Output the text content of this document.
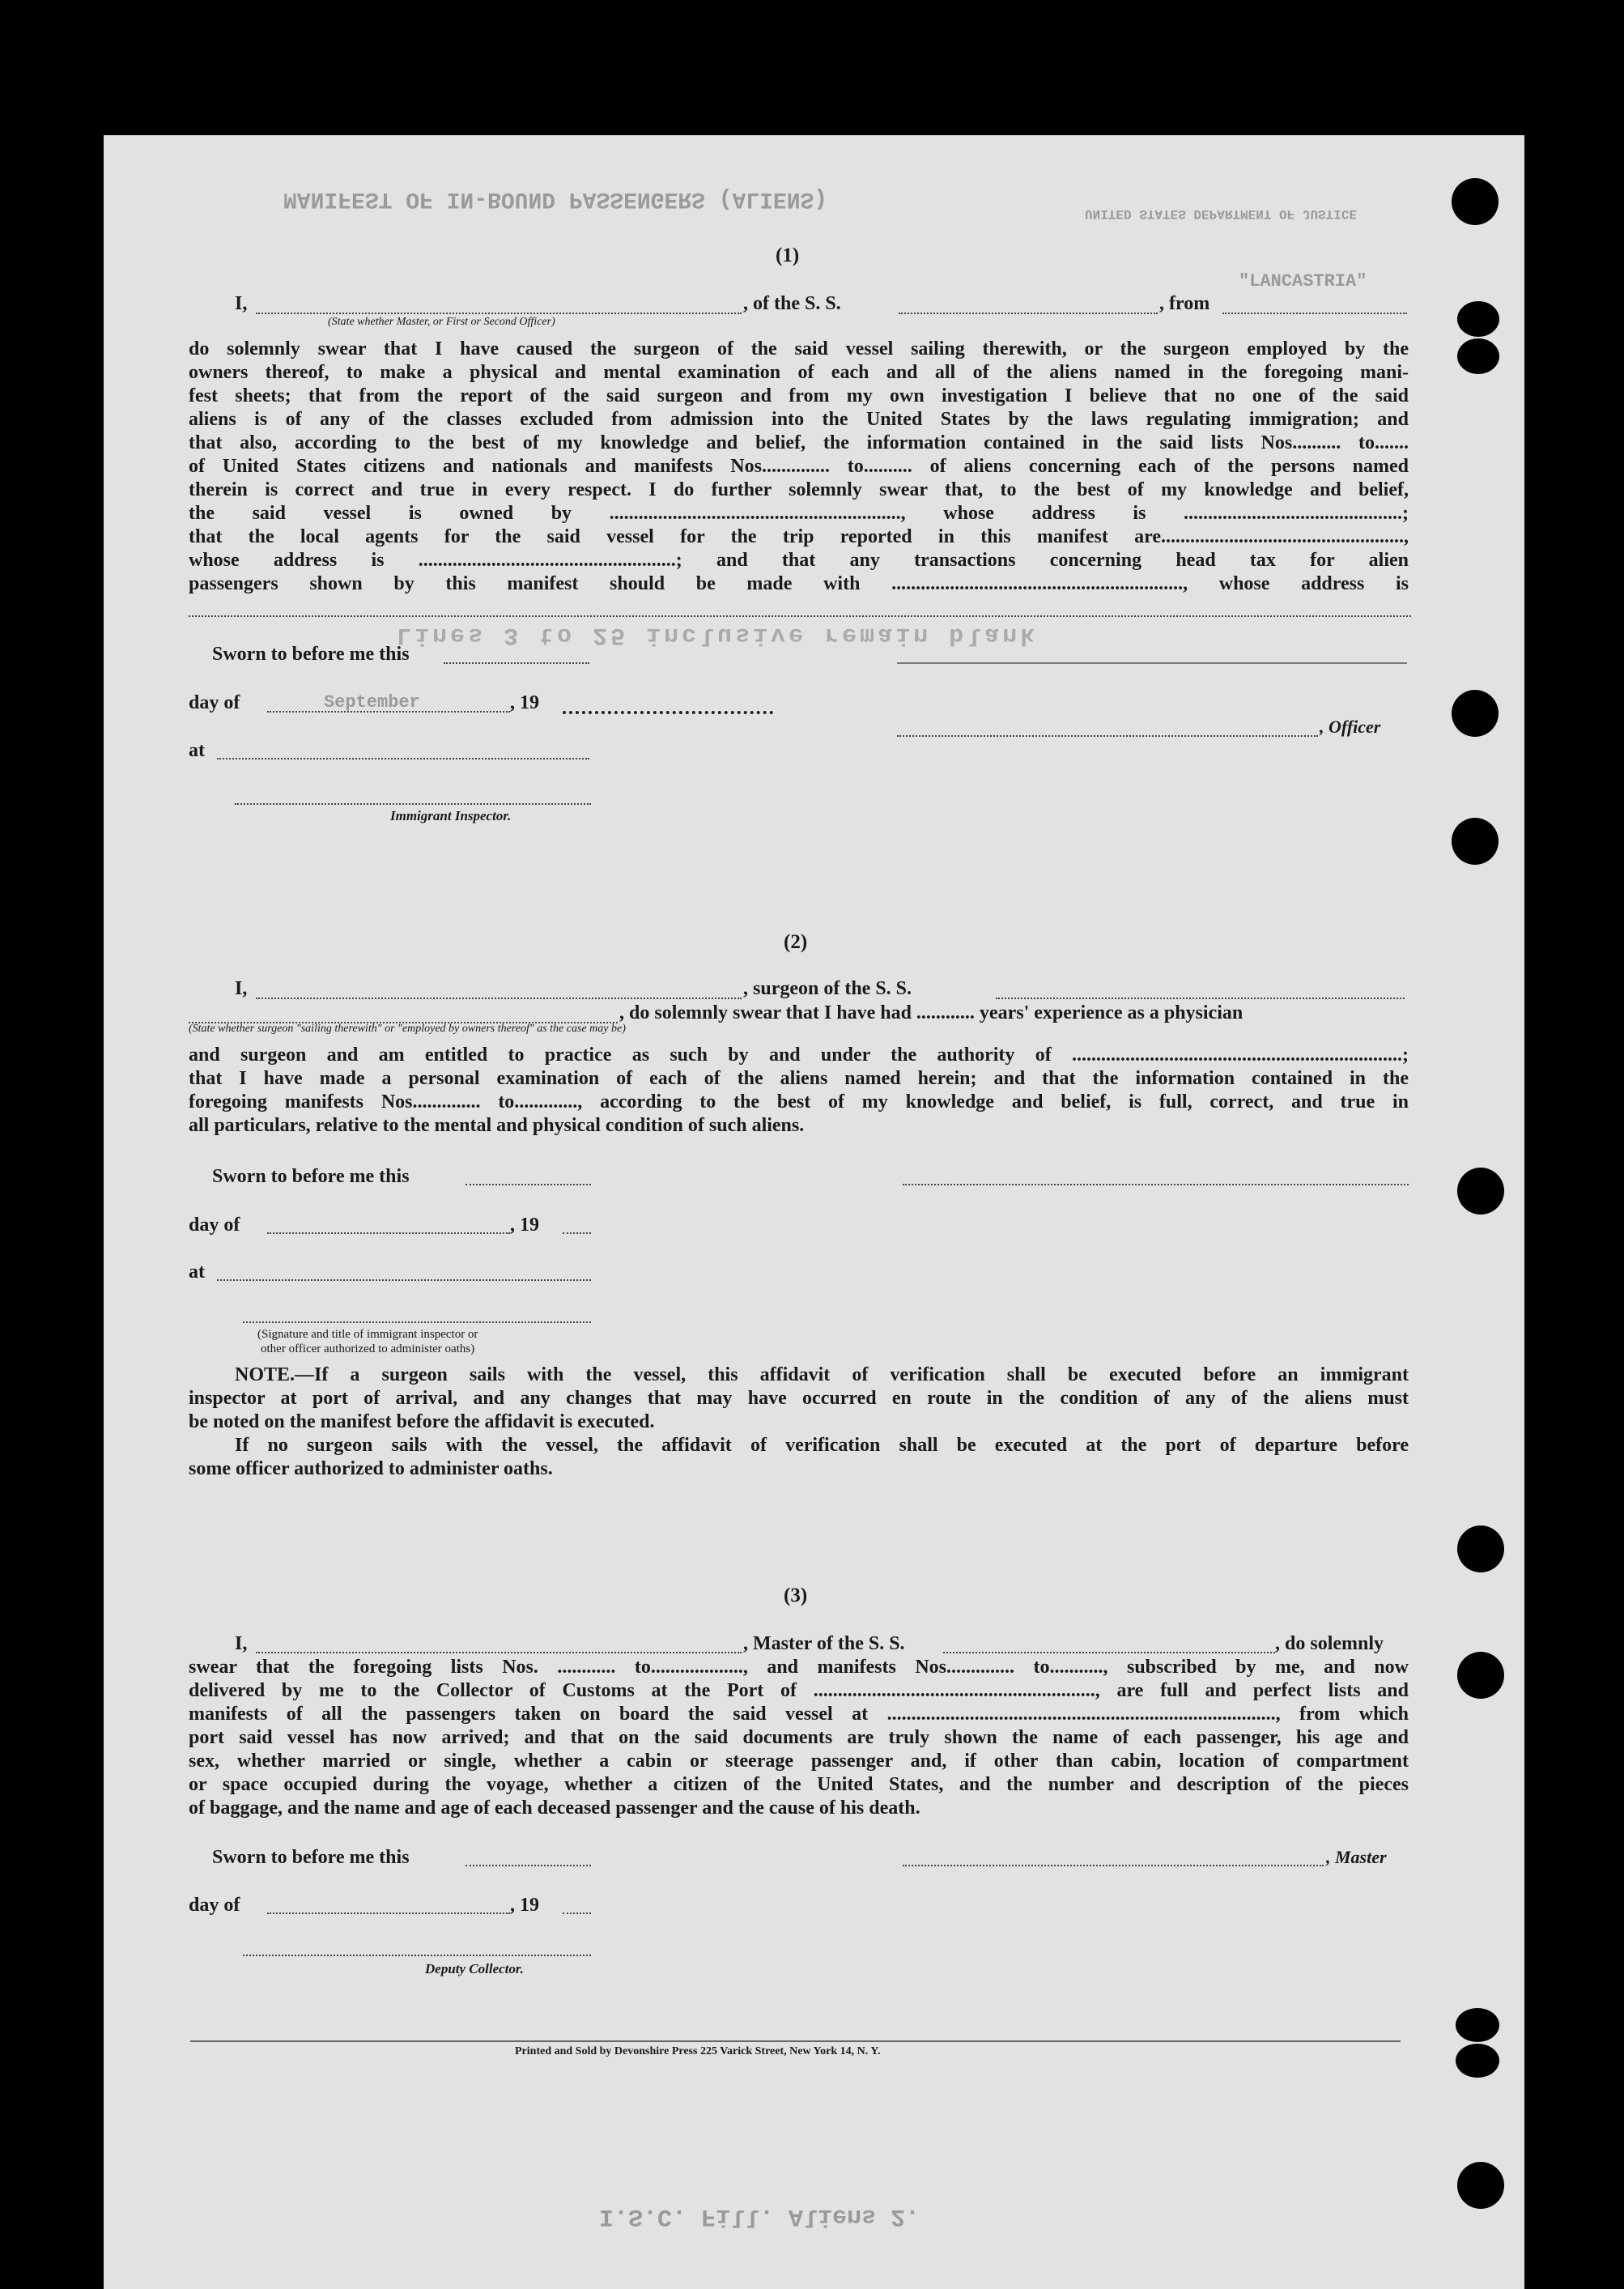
MANIFEST OF IN-BOUND PASSENGERS (ALIENS)
UNITED STATES DEPARTMENT OF JUSTICE
"LANCASTRIA"
(1)
I,	, of the S. S.	, from
(State whether Master, or First or Second Officer)
do solemnly swear that I have caused the surgeon of the said vessel sailing therewith, or the surgeon employed by the
owners thereof, to make a physical and mental examination of each and all of the aliens named in the foregoing mani-
fest sheets; that from the report of the said surgeon and from my own investigation I believe that no one of the said
aliens is of any of the classes excluded from admission into the United States by the laws regulating immigration; and
that also, according to the best of my knowledge and belief, the information contained in the said lists Nos.......... to.......
of United States citizens and nationals and manifests Nos.............. to.......... of aliens concerning each of the persons named
therein is correct and true in every respect. I do further solemnly swear that, to the best of my knowledge and belief,
the said vessel is owned by ............................................................, whose address is .............................................;
that the local agents for the said vessel for the trip reported in this manifest are..................................................,
whose address is .....................................................; and that any transactions concerning head tax for alien
passengers shown by this manifest should be made with ............................................................, whose address is
Lines 3 to 25 inclusive remain blank
Sworn to before me this
day of	September	, 19
, Officer
at
Immigrant Inspector.
(2)
I,	, surgeon of the S. S.
, do solemnly swear that I have had ............ years' experience as a physician
(State whether surgeon "sailing therewith" or "employed by owners thereof" as the case may be)
and surgeon and am entitled to practice as such by and under the authority of ....................................................................;
that I have made a personal examination of each of the aliens named herein; and that the information contained in the
foregoing manifests Nos.............. to............., according to the best of my knowledge and belief, is full, correct, and true in
all particulars, relative to the mental and physical condition of such aliens.
Sworn to before me this
day of	, 19
at
(Signature and title of immigrant inspector or
other officer authorized to administer oaths)
NOTE.—If a surgeon sails with the vessel, this affidavit of verification shall be executed before an immigrant
inspector at port of arrival, and any changes that may have occurred en route in the condition of any of the aliens must
be noted on the manifest before the affidavit is executed.
If no surgeon sails with the vessel, the affidavit of verification shall be executed at the port of departure before
some officer authorized to administer oaths.
(3)
I,	, Master of the S. S.	, do solemnly
swear that the foregoing lists Nos. ............ to..................., and manifests Nos.............. to..........., subscribed by me, and now
delivered by me to the Collector of Customs at the Port of .........................................................., are full and perfect lists and
manifests of all the passengers taken on board the said vessel at ................................................................................, from which
port said vessel has now arrived; and that on the said documents are truly shown the name of each passenger, his age and
sex, whether married or single, whether a cabin or steerage passenger and, if other than cabin, location of compartment
or space occupied during the voyage, whether a citizen of the United States, and the number and description of the pieces
of baggage, and the name and age of each deceased passenger and the cause of his death.
Sworn to before me this	, Master
day of	, 19
Deputy Collector.
Printed and Sold by Devonshire Press 225 Varick Street, New York 14, N. Y.
I.S.C. Fill. Aliens 2.
